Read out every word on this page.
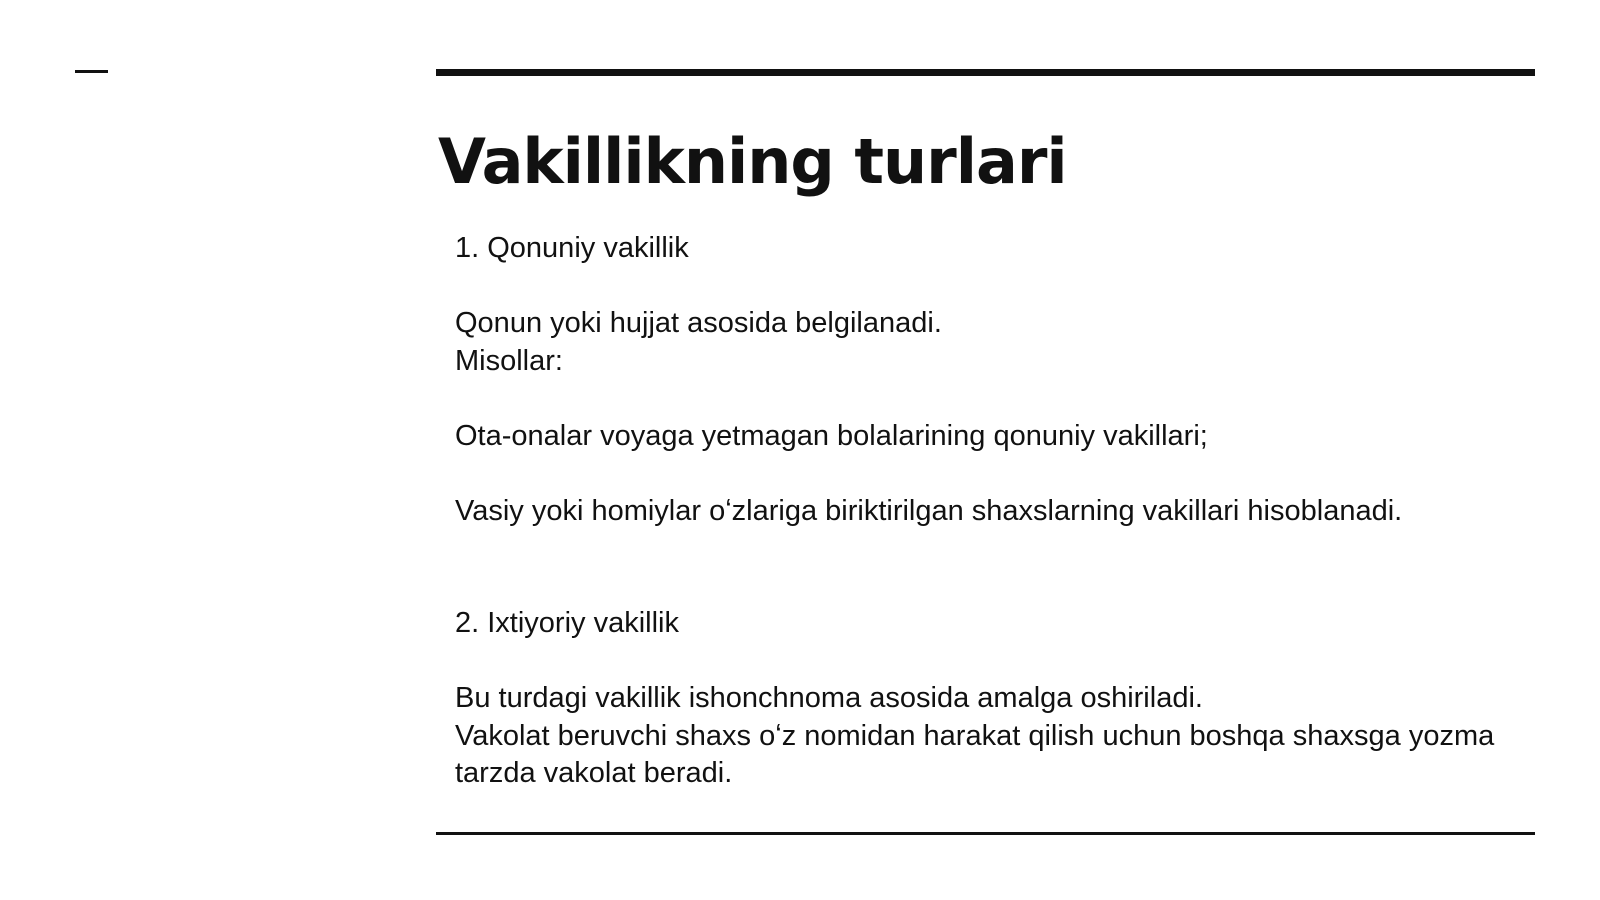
Vakillikning turlari

1. Qonuniy vakillik

Qonun yoki hujjat asosida belgilanadi.

Misollar:

Ota-onalar voyaga yetmagan bolalarining qonuniy vakillari;

Vasiy yoki homiylar oʻzlariga biriktirilgan shaxslarning vakillari hisoblanadi.

2. Ixtiyoriy vakillik

Bu turdagi vakillik ishonchnoma asosida amalga oshiriladi.

Vakolat beruvchi shaxs oʻz nomidan harakat qilish uchun boshqa shaxsga yozma tarzda vakolat beradi.
